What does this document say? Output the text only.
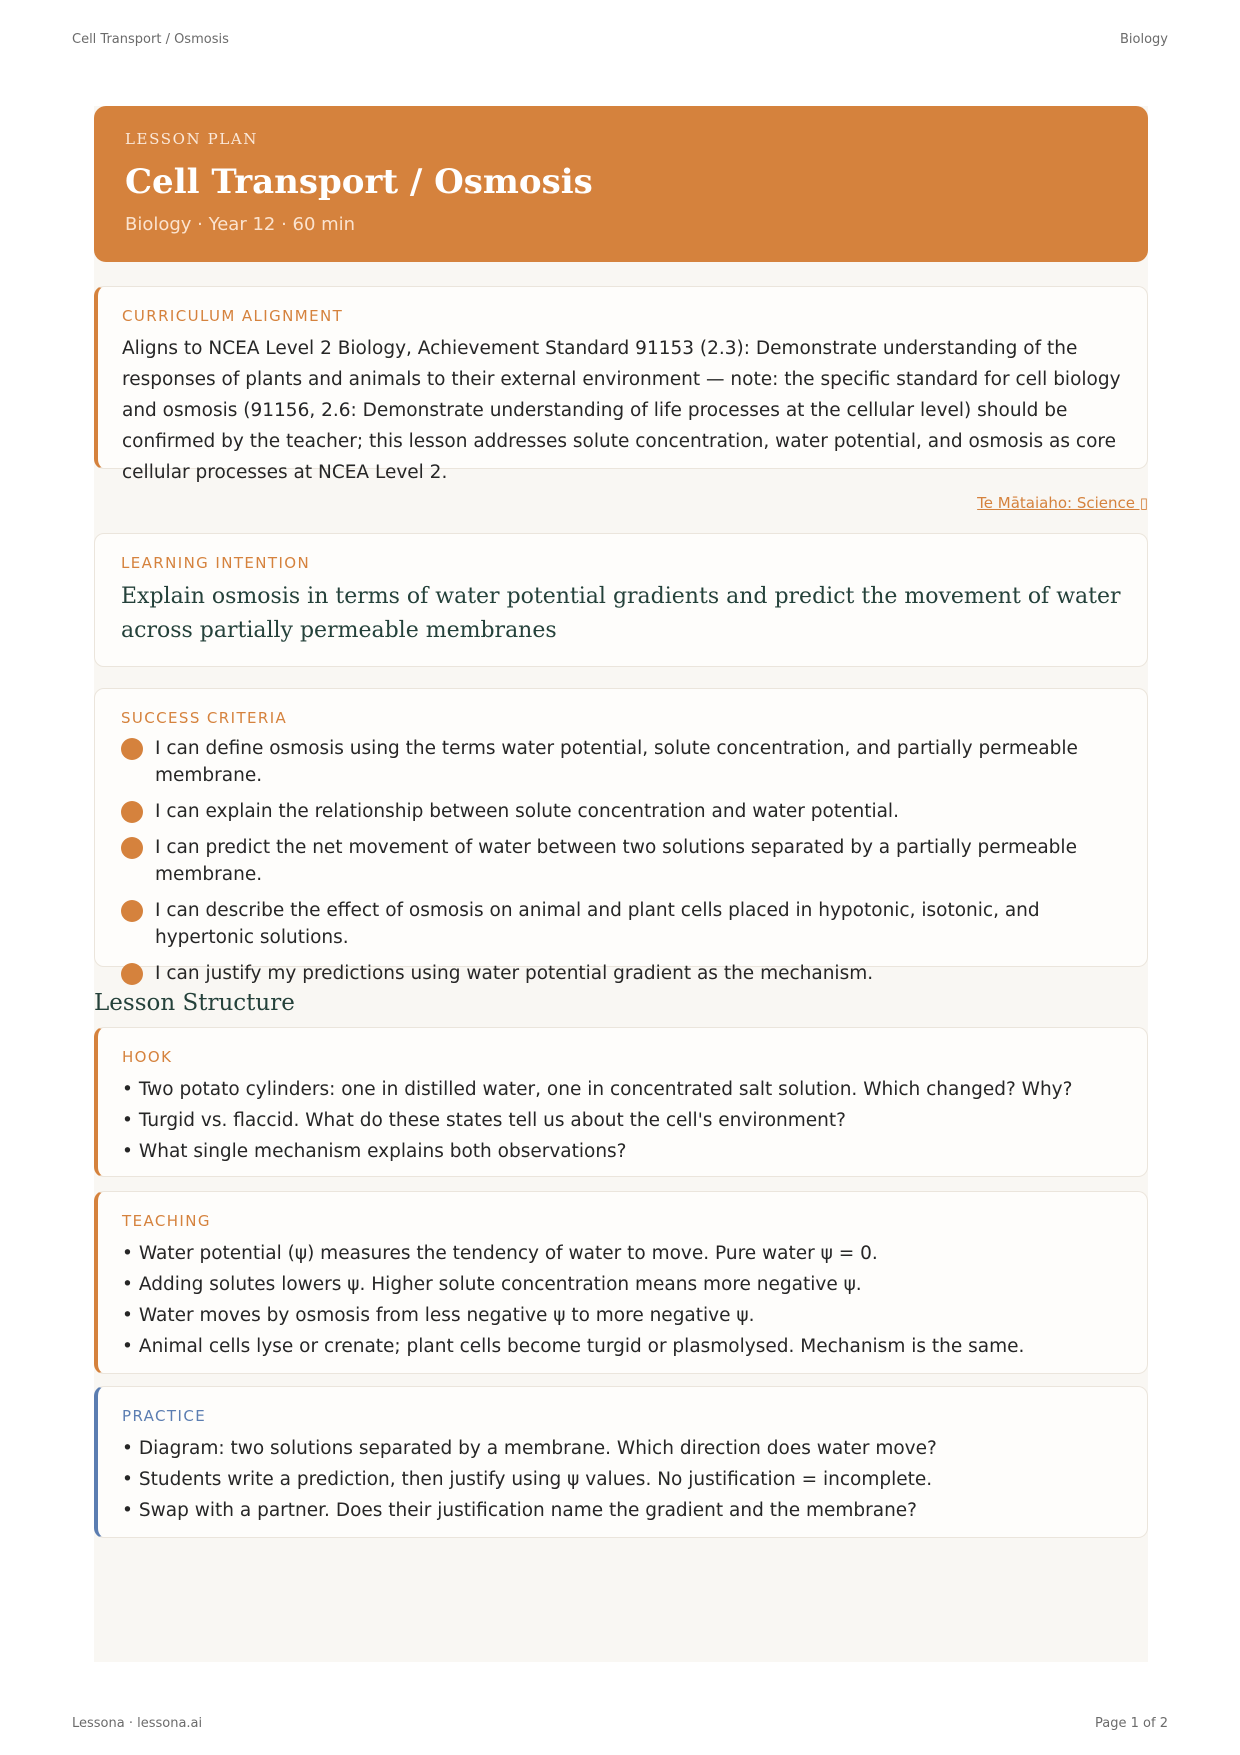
Cell Transport / Osmosis	Biology
LESSON PLAN
Cell Transport / Osmosis
Biology · Year 12 · 60 min
CURRICULUM ALIGNMENT

Aligns to NCEA Level 2 Biology, Achievement Standard 91153 (2.3): Demonstrate understanding of the responses of plants and animals to their external environment — note: the specific standard for cell biology and osmosis (91156, 2.6: Demonstrate understanding of life processes at the cellular level) should be confirmed by the teacher; this lesson addresses solute concentration, water potential, and osmosis as core cellular processes at NCEA Level 2.

Te Mātaiaho: Science ▯
LEARNING INTENTION

Explain osmosis in terms of water potential gradients and predict the movement of water across partially permeable membranes

SUCCESS CRITERIA
I can define osmosis using the terms water potential, solute concentration, and partially permeable membrane.
I can explain the relationship between solute concentration and water potential.
I can predict the net movement of water between two solutions separated by a partially permeable membrane.
I can describe the effect of osmosis on animal and plant cells placed in hypotonic, isotonic, and hypertonic solutions.
I can justify my predictions using water potential gradient as the mechanism.
Lesson Structure
HOOK
• Two potato cylinders: one in distilled water, one in concentrated salt solution. Which changed? Why?
• Turgid vs. flaccid. What do these states tell us about the cell's environment?
• What single mechanism explains both observations?
TEACHING
• Water potential (ψ) measures the tendency of water to move. Pure water ψ = 0.
• Adding solutes lowers ψ. Higher solute concentration means more negative ψ.
• Water moves by osmosis from less negative ψ to more negative ψ.
• Animal cells lyse or crenate; plant cells become turgid or plasmolysed. Mechanism is the same.
PRACTICE
• Diagram: two solutions separated by a membrane. Which direction does water move?
• Students write a prediction, then justify using ψ values. No justification = incomplete.
• Swap with a partner. Does their justification name the gradient and the membrane?
Lessona · lessona.ai	Page 1 of 2
